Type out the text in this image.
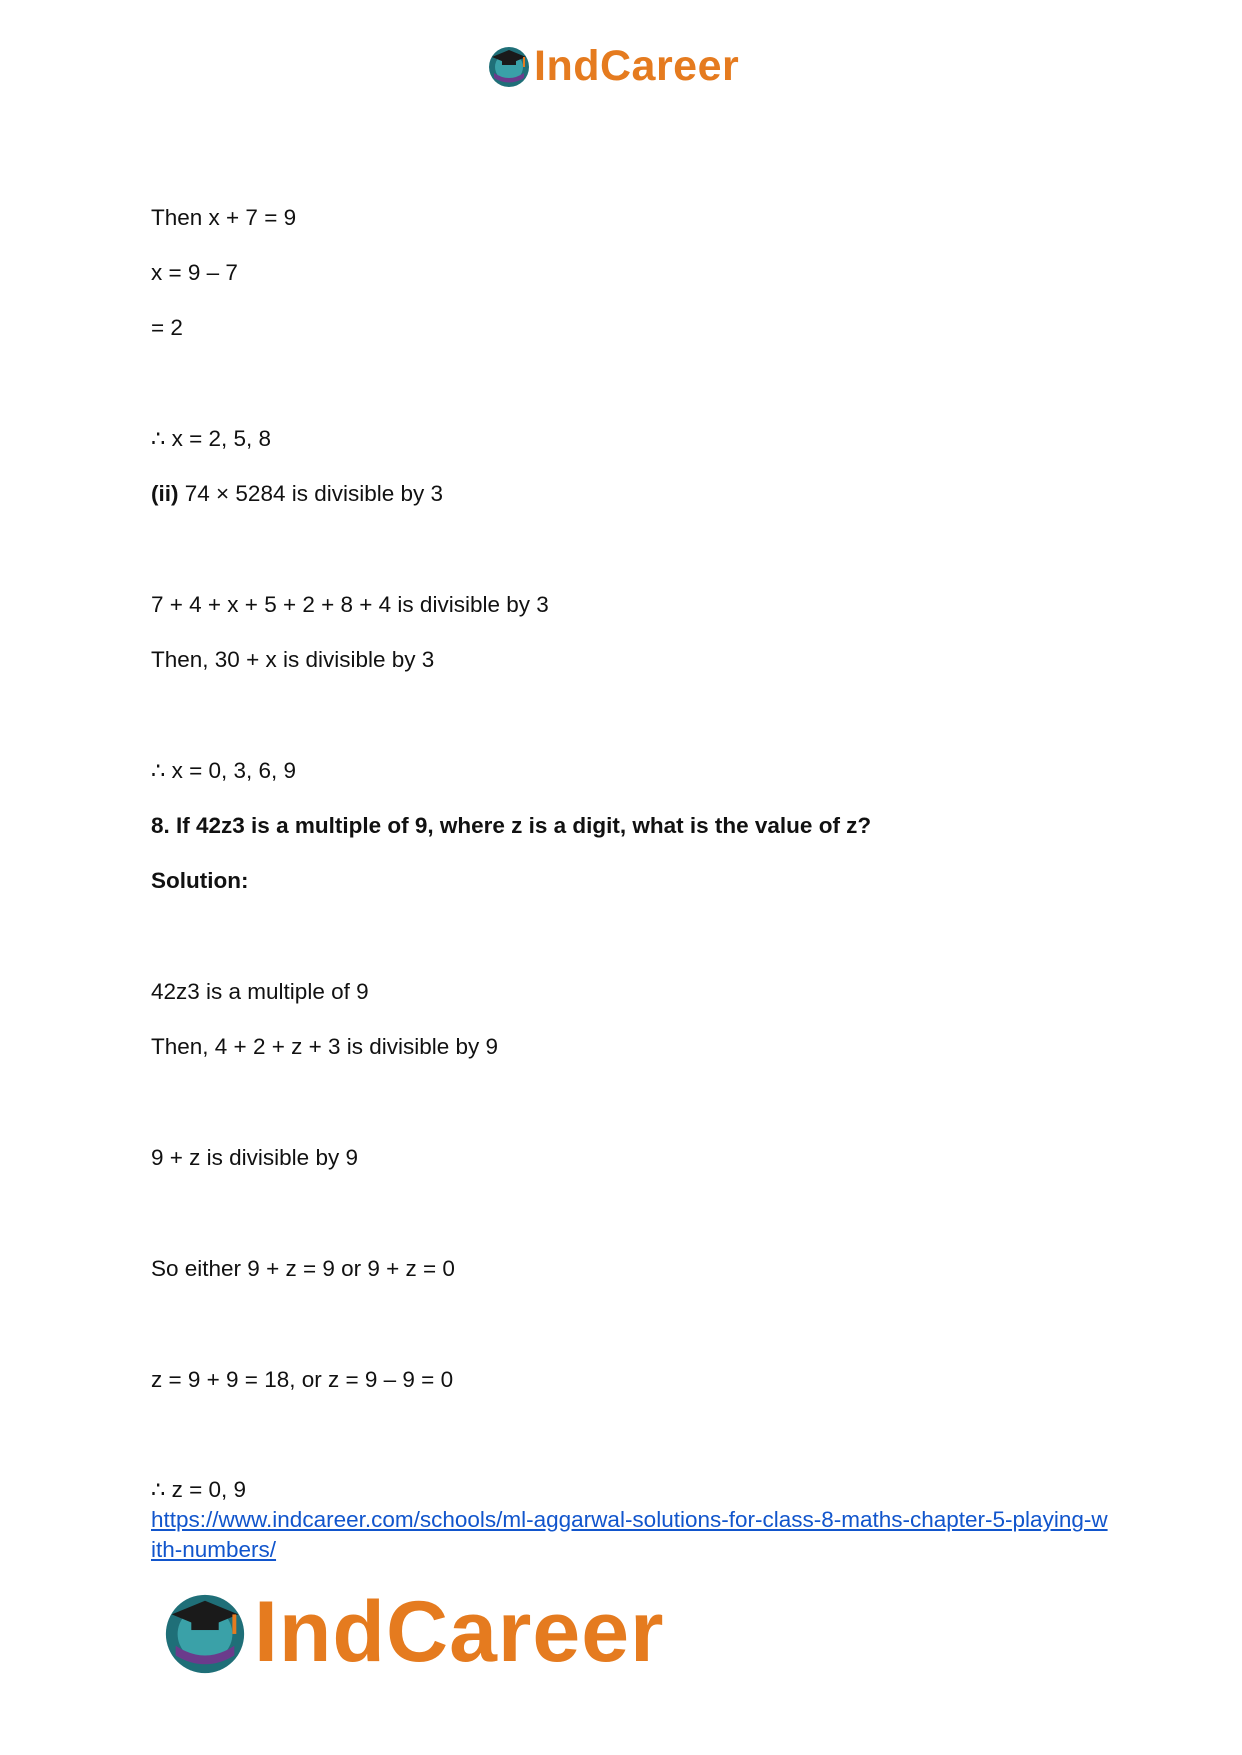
IndCareer
Then x + 7 = 9
x = 9 – 7
= 2
∴ x = 2, 5, 8
(ii) 74 × 5284 is divisible by 3
7 + 4 + x + 5 + 2 + 8 + 4 is divisible by 3
Then, 30 + x is divisible by 3
∴ x = 0, 3, 6, 9
8. If 42z3 is a multiple of 9, where z is a digit, what is the value of z?
Solution:
42z3 is a multiple of 9
Then, 4 + 2 + z + 3 is divisible by 9
9 + z is divisible by 9
So either 9 + z = 9 or 9 + z = 0
z = 9 + 9 = 18, or z = 9 – 9 = 0
∴ z = 0, 9
https://www.indcareer.com/schools/ml-aggarwal-solutions-for-class-8-maths-chapter-5-playing-with-numbers/
IndCareer
